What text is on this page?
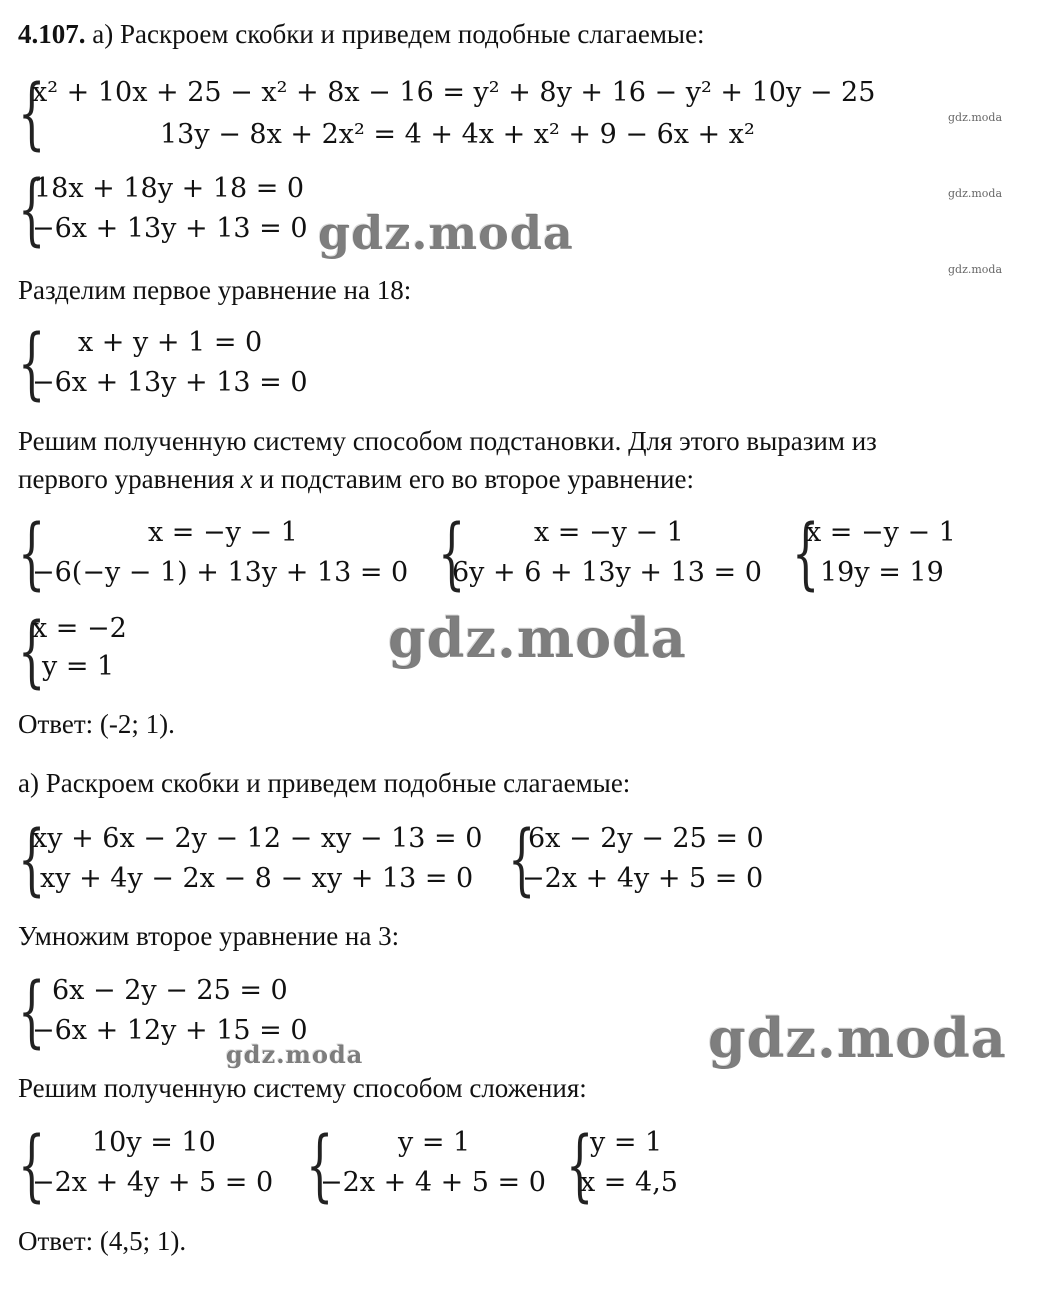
4.107. а) Раскроем скобки и приведем подобные слагаемые:
{
x² + 10x + 25 − x² + 8x − 16 = y² + 8y + 16 − y² + 10y − 25
13y − 8x + 2x² = 4 + 4x + x² + 9 − 6x + x²
{
18x + 18y + 18 = 0
−6x + 13y + 13 = 0
Разделим первое уравнение на 18:
{ x + y + 1 = 0
−6x + 13y + 13 = 0
Решим полученную систему способом подстановки. Для этого выразим из
первого уравнения x и подставим его во второе уравнение:
{	x = −y − 1
−6(−y − 1) + 13y + 13 = 0 {	x = −y − 1
6y + 6 + 13y + 13 = 0 {
x = −y − 1
19y = 19
{
x = −2
y = 1
Ответ: (-2; 1).
а) Раскроем скобки и приведем подобные слагаемые:
{
xy + 6x − 2y − 12 − xy − 13 = 0
xy + 4y − 2x − 8 − xy + 13 = 0 {
6x − 2y − 25 = 0
−2x + 4y + 5 = 0
Умножим второе уравнение на 3:
{ 6x − 2y − 25 = 0
−6x + 12y + 15 = 0
Решим полученную систему способом сложения:
{ 10y = 10
−2x + 4y + 5 = 0 { y = 1
−2x + 4 + 5 = 0 {
y = 1
x = 4,5
Ответ: (4,5; 1).
gdz.moda
gdz.moda
gdz.moda
gdz.moda
gdz.moda
gdz.moda
gdz.moda
